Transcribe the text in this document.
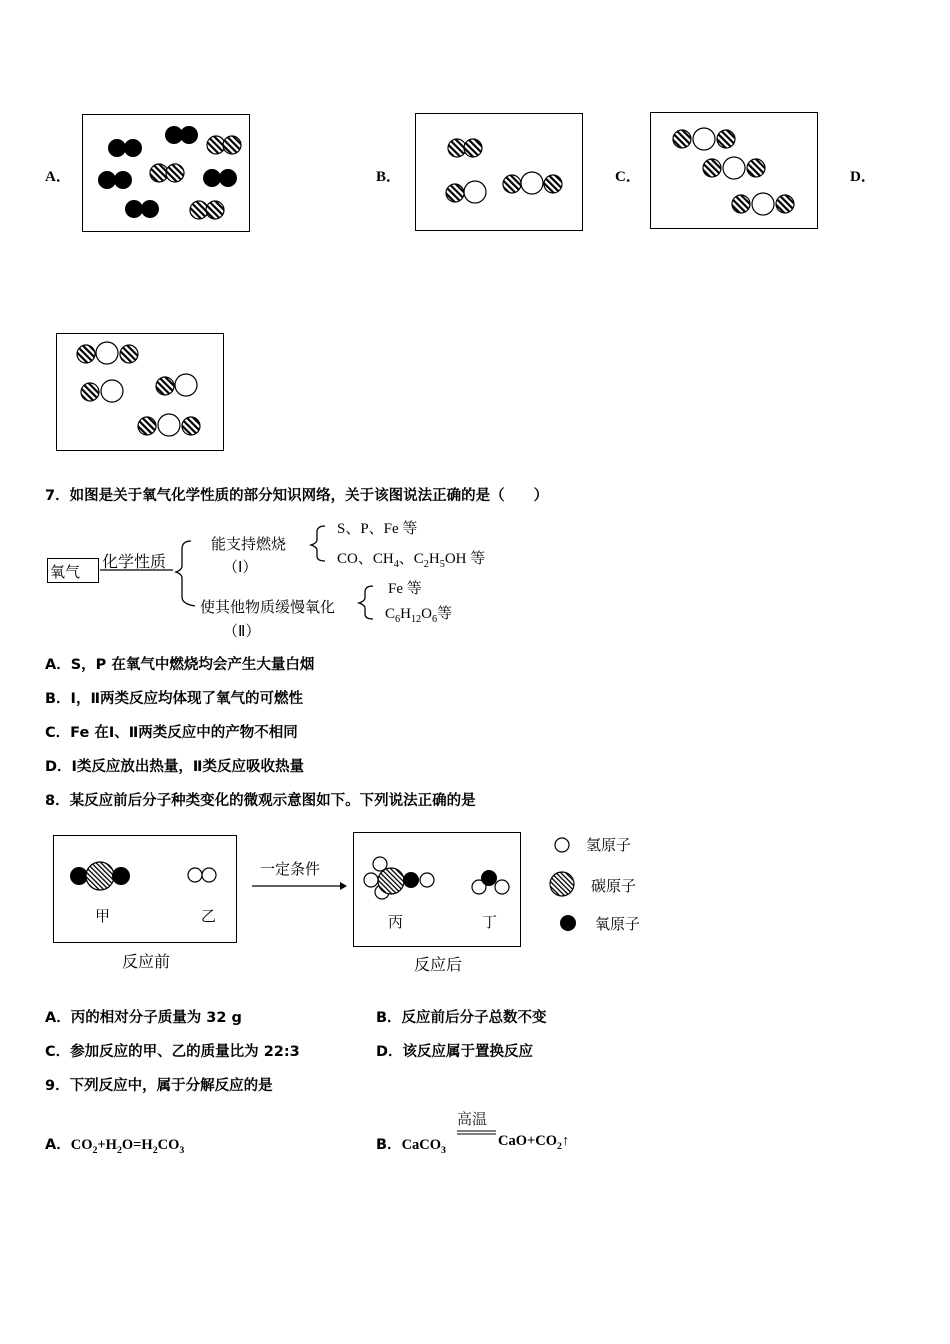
A．	B．	C．	D．
7．如图是关于氧气化学性质的部分知识网络，关于该图说法正确的是（　　）
氧气
化学性质
能支持燃烧
（Ⅰ）
S、P、Fe 等
CO、$CH_4$、$C_2H_5OH$ 等
使其他物质缓慢氧化
（Ⅱ）
Fe 等
$C_6H_{12}O_6$等
A．S，P 在氧气中燃烧均会产生大量白烟
B．Ⅰ，Ⅱ两类反应均体现了氧气的可燃性
C．Fe 在Ⅰ、Ⅱ两类反应中的产物不相同
D．Ⅰ类反应放出热量，Ⅱ类反应吸收热量
8．某反应前后分子种类变化的微观示意图如下。下列说法正确的是
甲	乙
反应前
一定条件
丙	丁
反应后
氢原子
碳原子
氧原子
A．丙的相对分子质量为 32 g	B．反应前后分子总数不变
C．参加反应的甲、乙的质量比为 22:3	D．该反应属于置换反应
9．下列反应中，属于分解反应的是
A．$CO_2+H_2O=H_2CO_3$	B．CaCO$_3$
高温
$CaO+CO_2↑$
